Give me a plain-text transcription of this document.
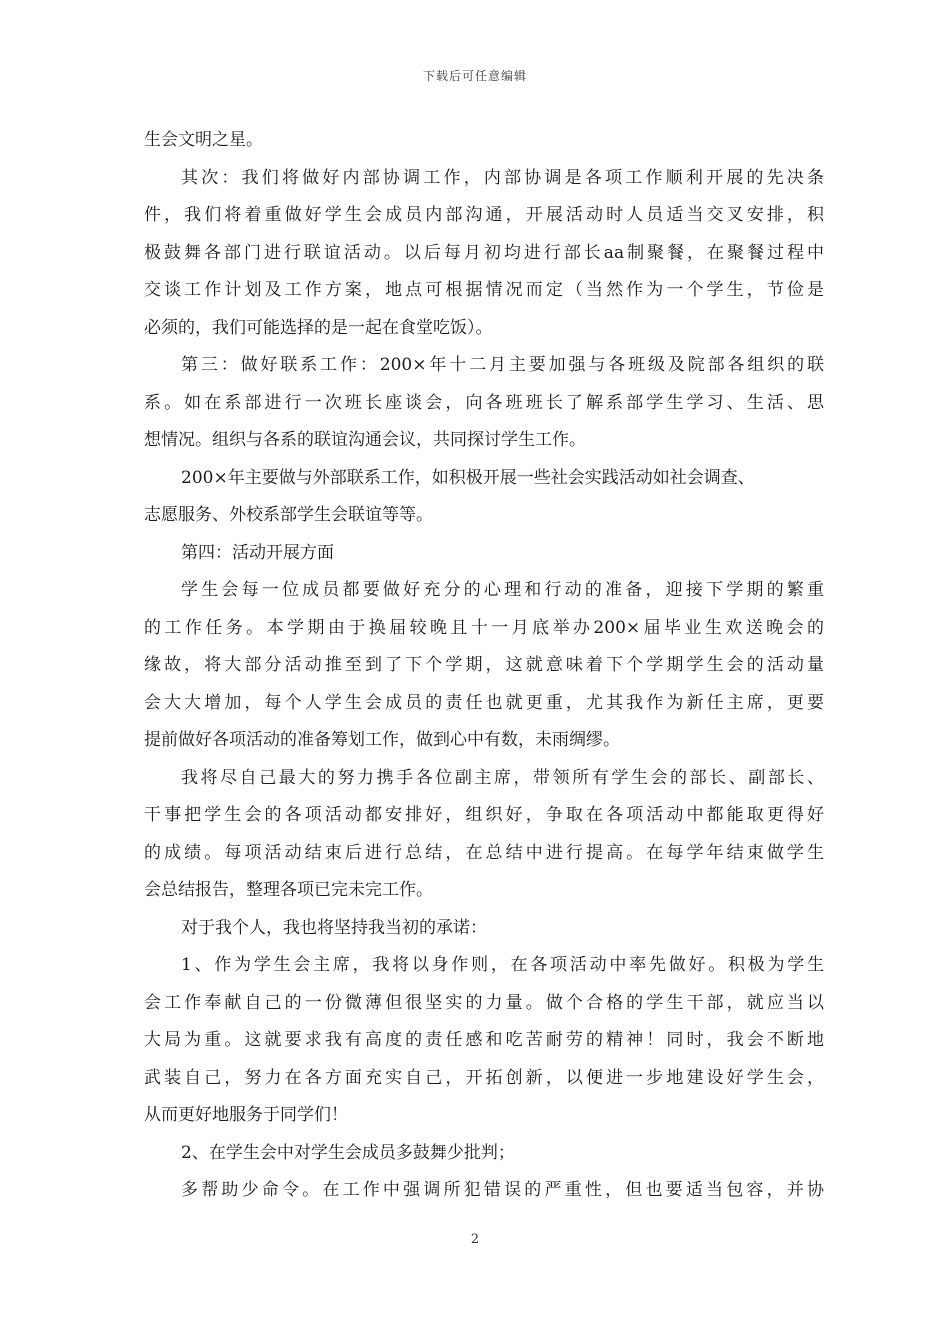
下载后可任意编辑
生会文明之星。
其次：我们将做好内部协调工作，内部协调是各项工作顺利开展的先决条
件，我们将着重做好学生会成员内部沟通，开展活动时人员适当交叉安排，积
极鼓舞各部门进行联谊活动。以后每月初均进行部长aa制聚餐，在聚餐过程中
交谈工作计划及工作方案，地点可根据情况而定（当然作为一个学生，节俭是
必须的，我们可能选择的是一起在食堂吃饭）。
第三：做好联系工作：200×年十二月主要加强与各班级及院部各组织的联
系。如在系部进行一次班长座谈会，向各班班长了解系部学生学习、生活、思
想情况。组织与各系的联谊沟通会议，共同探讨学生工作。
200×年主要做与外部联系工作，如积极开展一些社会实践活动如社会调查、
志愿服务、外校系部学生会联谊等等。
第四：活动开展方面
学生会每一位成员都要做好充分的心理和行动的准备，迎接下学期的繁重
的工作任务。本学期由于换届较晚且十一月底举办200×届毕业生欢送晚会的
缘故，将大部分活动推至到了下个学期，这就意味着下个学期学生会的活动量
会大大增加，每个人学生会成员的责任也就更重，尤其我作为新任主席，更要
提前做好各项活动的准备筹划工作，做到心中有数，未雨绸缪。
我将尽自己最大的努力携手各位副主席，带领所有学生会的部长、副部长、
干事把学生会的各项活动都安排好，组织好，争取在各项活动中都能取更得好
的成绩。每项活动结束后进行总结，在总结中进行提高。在每学年结束做学生
会总结报告，整理各项已完未完工作。
对于我个人，我也将坚持我当初的承诺：
1、作为学生会主席，我将以身作则，在各项活动中率先做好。积极为学生
会工作奉献自己的一份微薄但很坚实的力量。做个合格的学生干部，就应当以
大局为重。这就要求我有高度的责任感和吃苦耐劳的精神！同时，我会不断地
武装自己，努力在各方面充实自己，开拓创新，以便进一步地建设好学生会，
从而更好地服务于同学们！
2、在学生会中对学生会成员多鼓舞少批判；
多帮助少命令。在工作中强调所犯错误的严重性，但也要适当包容，并协
2
